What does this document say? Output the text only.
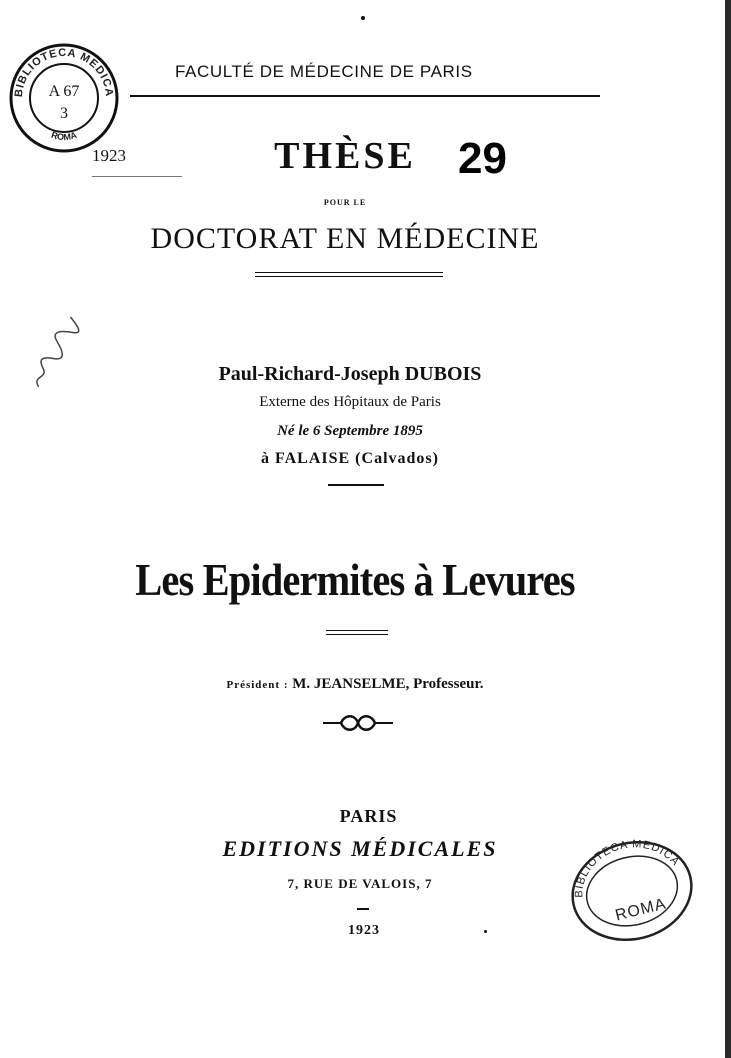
BIBLIOTECA MEDICA
ROMA
A 67
3
FACULTÉ DE MÉDECINE DE PARIS
1923	THÈSE 29
POUR LE
DOCTORAT EN MÉDECINE
Paul-Richard-Joseph DUBOIS
Externe des Hôpitaux de Paris
Né le 6 Septembre 1895
à FALAISE (Calvados)
Les Epidermites à Levures
Président : M. JEANSELME, Professeur.
PARIS
EDITIONS MÉDICALES
7, RUE DE VALOIS, 7
1923
BIBLIOTECA MEDICA
ROMA
